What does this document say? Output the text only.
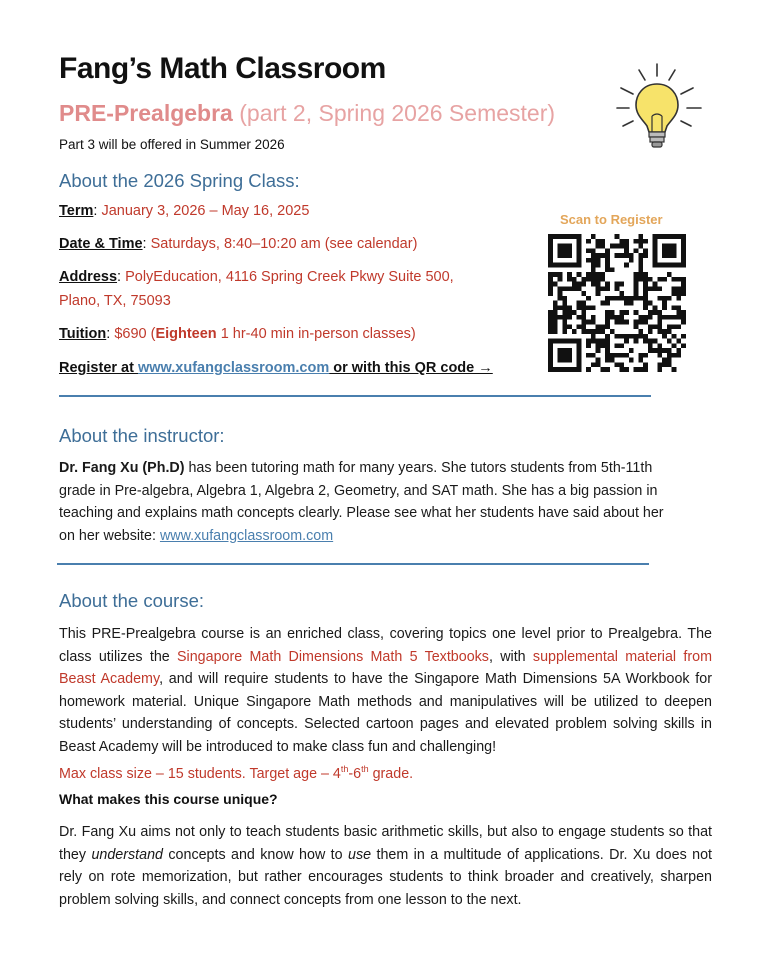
Fang’s Math Classroom
PRE-Prealgebra (part 2, Spring 2026 Semester)
Part 3 will be offered in Summer 2026
About the 2026 Spring Class:
Term: January 3, 2026 – May 16, 2025
Date & Time: Saturdays, 8:40–10:20 am (see calendar)
Address: PolyEducation, 4116 Spring Creek Pkwy Suite 500,
Plano, TX, 75093
Tuition: $690 (Eighteen 1 hr-40 min in-person classes)
Register at www.xufangclassroom.com or with this QR code →
Scan to Register
About the instructor:
Dr. Fang Xu (Ph.D) has been tutoring math for many years. She tutors students from 5th-11th
grade in Pre-algebra, Algebra 1, Algebra 2, Geometry, and SAT math. She has a big passion in
teaching and explains math concepts clearly. Please see what her students have said about her
on her website: www.xufangclassroom.com
About the course:

This PRE-Prealgebra course is an enriched class, covering topics one level prior to Prealgebra. The class utilizes the Singapore Math Dimensions Math 5 Textbooks, with supplemental material from Beast Academy, and will require students to have the Singapore Math Dimensions 5A Workbook for homework material. Unique Singapore Math methods and manipulatives will be utilized to deepen students’ understanding of concepts. Selected cartoon pages and elevated problem solving skills in Beast Academy will be introduced to make class fun and challenging!

Max class size – 15 students. Target age – 4th-6th grade.

What makes this course unique?

Dr. Fang Xu aims not only to teach students basic arithmetic skills, but also to engage students so that they understand concepts and know how to use them in a multitude of applications. Dr. Xu does not rely on rote memorization, but rather encourages students to think broader and creatively, sharpen problem solving skills, and connect concepts from one lesson to the next.
